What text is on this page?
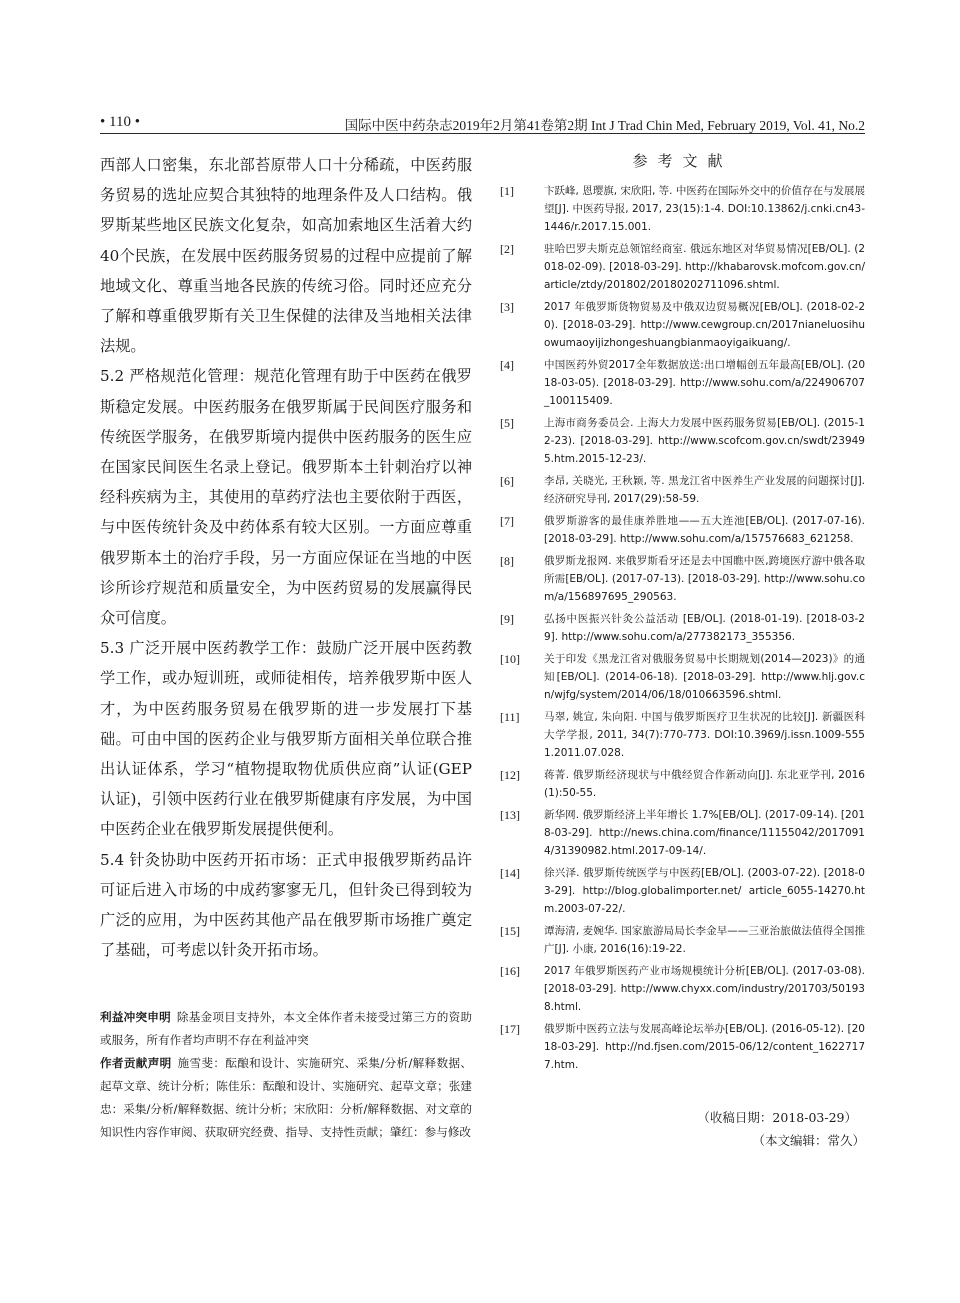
• 110 •	国际中医中药杂志2019年2月第41卷第2期 Int J Trad Chin Med, February 2019, Vol. 41, No.2

西部人口密集，东北部苔原带人口十分稀疏，中医药服务贸易的选址应契合其独特的地理条件及人口结构。俄罗斯某些地区民族文化复杂，如高加索地区生活着大约40个民族，在发展中医药服务贸易的过程中应提前了解地域文化、尊重当地各民族的传统习俗。同时还应充分了解和尊重俄罗斯有关卫生保健的法律及当地相关法律法规。

5.2 严格规范化管理：规范化管理有助于中医药在俄罗斯稳定发展。中医药服务在俄罗斯属于民间医疗服务和传统医学服务，在俄罗斯境内提供中医药服务的医生应在国家民间医生名录上登记。俄罗斯本土针刺治疗以神经科疾病为主，其使用的草药疗法也主要依附于西医，与中医传统针灸及中药体系有较大区别。一方面应尊重俄罗斯本土的治疗手段，另一方面应保证在当地的中医诊所诊疗规范和质量安全，为中医药贸易的发展赢得民众可信度。

5.3 广泛开展中医药教学工作：鼓励广泛开展中医药教学工作，或办短训班，或师徒相传，培养俄罗斯中医人才，为中医药服务贸易在俄罗斯的进一步发展打下基础。可由中国的医药企业与俄罗斯方面相关单位联合推出认证体系，学习“植物提取物优质供应商”认证(GEP认证)，引领中医药行业在俄罗斯健康有序发展，为中国中医药企业在俄罗斯发展提供便利。

5.4 针灸协助中医药开拓市场：正式申报俄罗斯药品许可证后进入市场的中成药寥寥无几，但针灸已得到较为广泛的应用，为中医药其他产品在俄罗斯市场推广奠定了基础，可考虑以针灸开拓市场。

利益冲突申明 除基金项目支持外，本文全体作者未接受过第三方的资助或服务，所有作者均声明不存在利益冲突

作者贡献声明 施雪斐：酝酿和设计、实施研究、采集/分析/解释数据、起草文章、统计分析；陈佳乐：酝酿和设计、实施研究、起草文章；张建忠：采集/分析/解释数据、统计分析；宋欣阳：分析/解释数据、对文章的知识性内容作审阅、获取研究经费、指导、支持性贡献；肇红：参与修改

参考文献
[1]	卞跃峰, 恩璎旗, 宋欣阳, 等. 中医药在国际外交中的价值存在与发展展望[J]. 中医药导报, 2017, 23(15):1-4. DOI:10.13862/j.cnki.cn43-1446/r.2017.15.001.
[2]	驻哈巴罗夫斯克总领馆经商室. 俄远东地区对华贸易情况[EB/OL]. (2018-02-09). [2018-03-29]. http://khabarovsk.mofcom.gov.cn/article/ztdy/201802/20180202711096.shtml.
[3]	2017 年俄罗斯货物贸易及中俄双边贸易概况[EB/OL]. (2018-02-20). [2018-03-29]. http://www.cewgroup.cn/2017nianeluosihuowumaoyijizhongeshuangbianmaoyigaikuang/.
[4]	中国医药外贸2017全年数据放送:出口增幅创五年最高[EB/OL]. (2018-03-05). [2018-03-29]. http://www.sohu.com/a/224906707_100115409.
[5]	上海市商务委员会. 上海大力发展中医药服务贸易[EB/OL]. (2015-12-23). [2018-03-29]. http://www.scofcom.gov.cn/swdt/239495.htm.2015-12-23/.
[6]	李昂, 关晓光, 王秋颖, 等. 黑龙江省中医养生产业发展的问题探讨[J]. 经济研究导刊, 2017(29):58-59.
[7]	俄罗斯游客的最佳康养胜地——五大连池[EB/OL]. (2017-07-16). [2018-03-29]. http://www.sohu.com/a/157576683_621258.
[8]	俄罗斯龙报网. 来俄罗斯看牙还是去中国瞧中医,跨境医疗游中俄各取所需[EB/OL]. (2017-07-13). [2018-03-29]. http://www.sohu.com/a/156897695_290563.
[9]	弘扬中医振兴针灸公益活动 [EB/OL]. (2018-01-19). [2018-03-29]. http://www.sohu.com/a/277382173_355356.
[10] 关于印发《黑龙江省对俄服务贸易中长期规划(2014—2023)》的通知[EB/OL]. (2014-06-18). [2018-03-29]. http://www.hlj.gov.cn/wjfg/system/2014/06/18/010663596.shtml.
[11] 马翠, 姚宣, 朱向阳. 中国与俄罗斯医疗卫生状况的比较[J]. 新疆医科大学学报, 2011, 34(7):770-773. DOI:10.3969/j.issn.1009-5551.2011.07.028.
[12] 蒋菁. 俄罗斯经济现状与中俄经贸合作新动向[J]. 东北亚学刊, 2016(1):50-55.
[13] 新华网. 俄罗斯经济上半年增长 1.7%[EB/OL]. (2017-09-14). [2018-03-29]. http://news.china.com/finance/11155042/20170914/31390982.html.2017-09-14/.
[14] 徐兴泽. 俄罗斯传统医学与中医药[EB/OL]. (2003-07-22). [2018-03-29]. http://blog.globalimporter.net/ article_6055-14270.htm.2003-07-22/.
[15] 谭海清, 麦婉华. 国家旅游局局长李金早——三亚治旅做法值得全国推广[J]. 小康, 2016(16):19-22.
[16] 2017 年俄罗斯医药产业市场规模统计分析[EB/OL]. (2017-03-08). [2018-03-29]. http://www.chyxx.com/industry/201703/501938.html.
[17] 俄罗斯中医药立法与发展高峰论坛举办[EB/OL]. (2016-05-12). [2018-03-29]. http://nd.fjsen.com/2015-06/12/content_16227177.htm.
（收稿日期：2018-03-29）
（本文编辑：常久）
